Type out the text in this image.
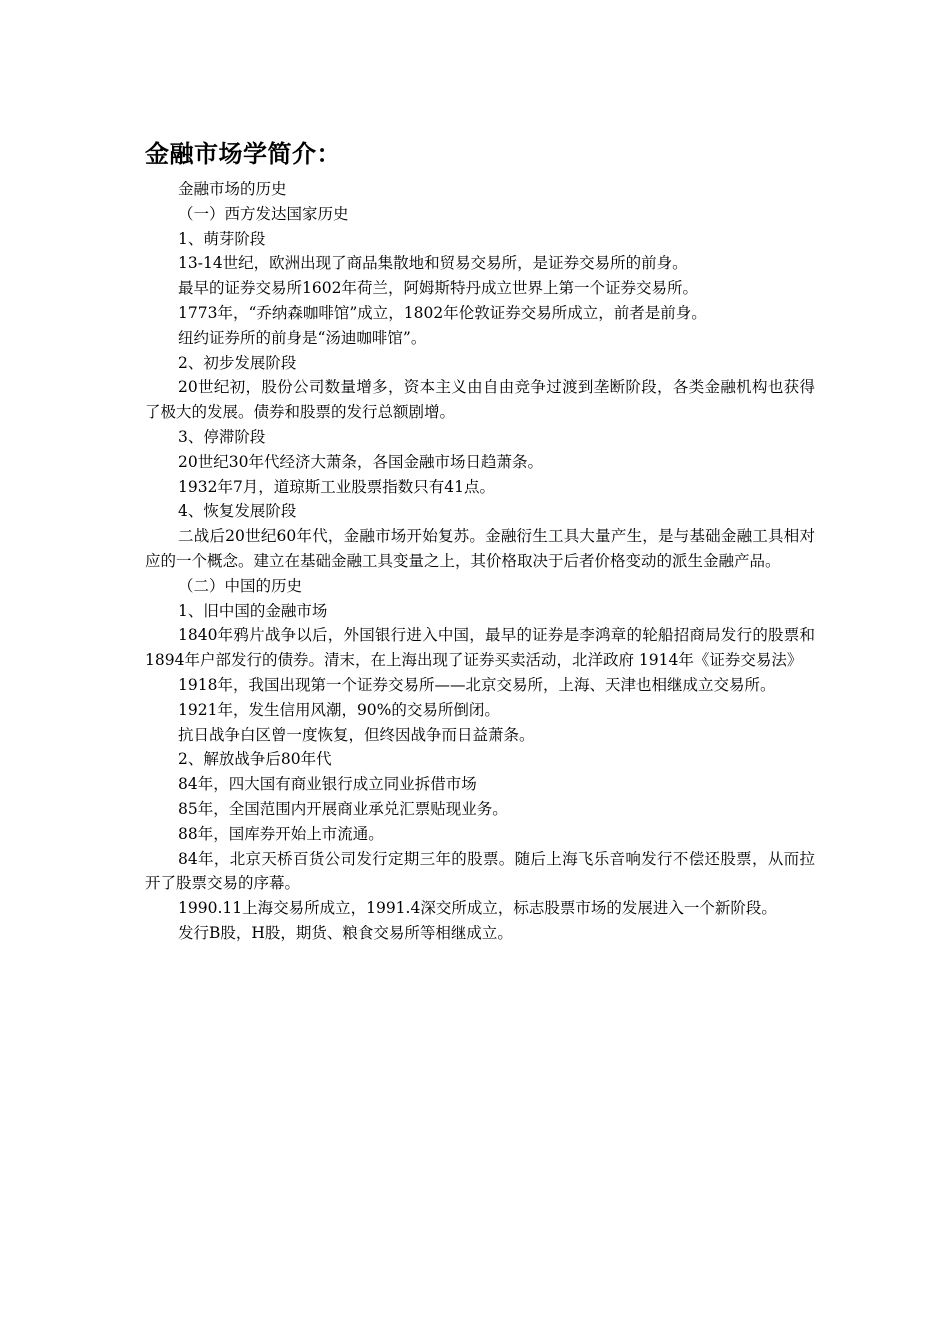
金融市场学简介：

金融市场的历史

（一）西方发达国家历史

1、萌芽阶段

13-14世纪，欧洲出现了商品集散地和贸易交易所，是证券交易所的前身。

最早的证券交易所1602年荷兰，阿姆斯特丹成立世界上第一个证券交易所。

1773年，“乔纳森咖啡馆”成立，1802年伦敦证券交易所成立，前者是前身。

纽约证券所的前身是“汤迪咖啡馆”。

2、初步发展阶段

20世纪初，股份公司数量增多，资本主义由自由竞争过渡到垄断阶段，各类金融机构也获得了极大的发展。债券和股票的发行总额剧增。

3、停滞阶段

20世纪30年代经济大萧条，各国金融市场日趋萧条。

1932年7月，道琼斯工业股票指数只有41点。

4、恢复发展阶段

二战后20世纪60年代，金融市场开始复苏。金融衍生工具大量产生，是与基础金融工具相对应的一个概念。建立在基础金融工具变量之上，其价格取决于后者价格变动的派生金融产品。

（二）中国的历史

1、旧中国的金融市场

1840年鸦片战争以后，外国银行进入中国，最早的证券是李鸿章的轮船招商局发行的股票和1894年户部发行的债券。清末，在上海出现了证券买卖活动，北洋政府 1914年《证券交易法》

1918年，我国出现第一个证券交易所——北京交易所，上海、天津也相继成立交易所。

1921年，发生信用风潮，90%的交易所倒闭。

抗日战争白区曾一度恢复，但终因战争而日益萧条。

2、解放战争后80年代

84年，四大国有商业银行成立同业拆借市场

85年，全国范围内开展商业承兑汇票贴现业务。

88年，国库券开始上市流通。

84年，北京天桥百货公司发行定期三年的股票。随后上海飞乐音响发行不偿还股票，从而拉开了股票交易的序幕。

1990.11上海交易所成立，1991.4深交所成立，标志股票市场的发展进入一个新阶段。

发行B股，H股，期货、粮食交易所等相继成立。
